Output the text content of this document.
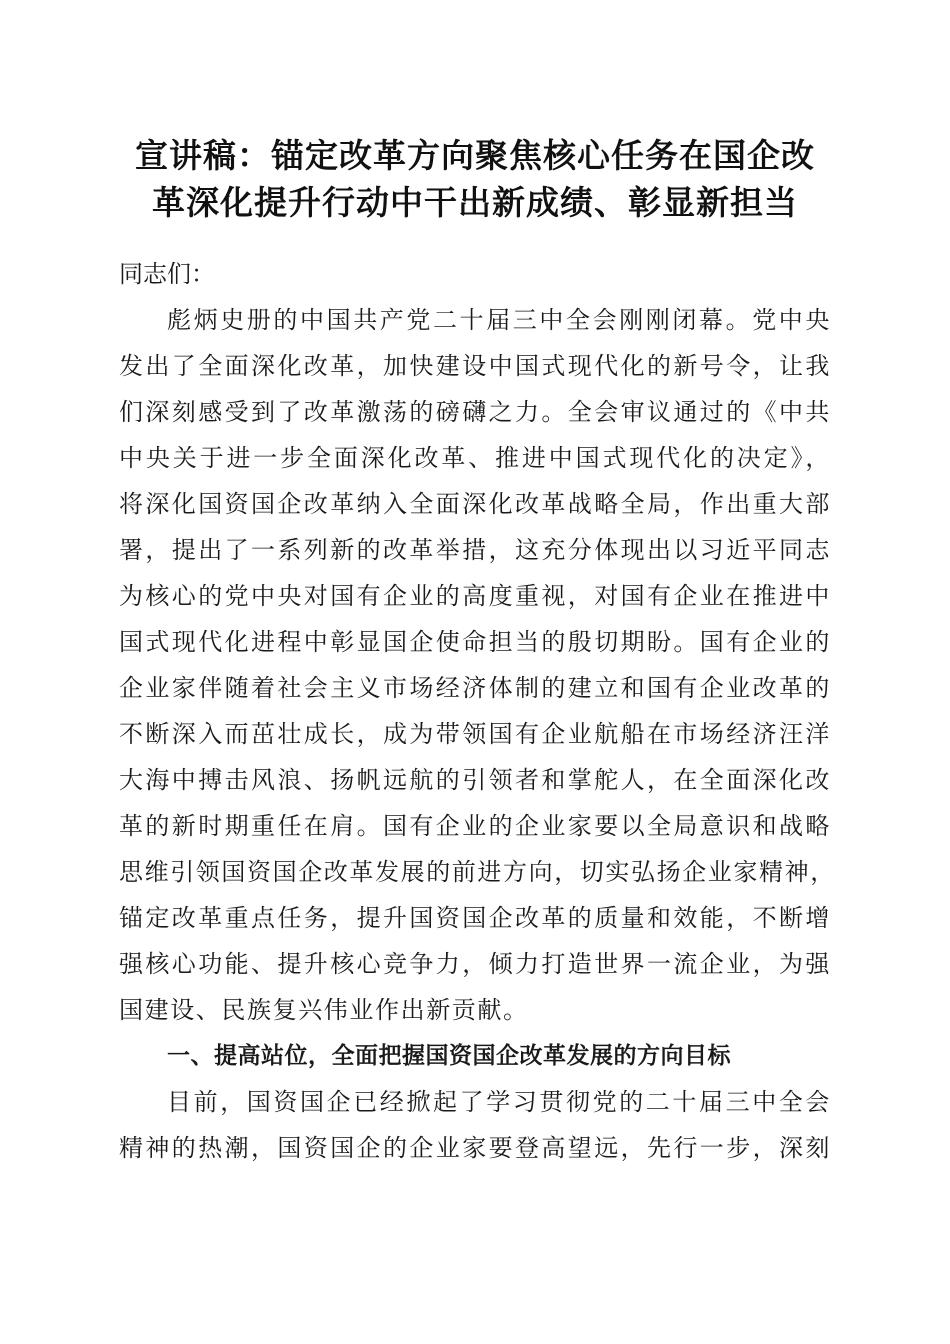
宣讲稿：锚定改革方向聚焦核心任务在国企改
革深化提升行动中干出新成绩、彰显新担当

同志们：

彪炳史册的中国共产党二十届三中全会刚刚闭幕。党中央
发出了全面深化改革，加快建设中国式现代化的新号令，让我
们深刻感受到了改革激荡的磅礴之力。全会审议通过的《中共
中央关于进一步全面深化改革、推进中国式现代化的决定》，
将深化国资国企改革纳入全面深化改革战略全局，作出重大部
署，提出了一系列新的改革举措，这充分体现出以习近平同志
为核心的党中央对国有企业的高度重视，对国有企业在推进中
国式现代化进程中彰显国企使命担当的殷切期盼。国有企业的
企业家伴随着社会主义市场经济体制的建立和国有企业改革的
不断深入而茁壮成长，成为带领国有企业航船在市场经济汪洋
大海中搏击风浪、扬帆远航的引领者和掌舵人，在全面深化改
革的新时期重任在肩。国有企业的企业家要以全局意识和战略
思维引领国资国企改革发展的前进方向，切实弘扬企业家精神，
锚定改革重点任务，提升国资国企改革的质量和效能，不断增
强核心功能、提升核心竞争力，倾力打造世界一流企业，为强
国建设、民族复兴伟业作出新贡献。

一、提高站位，全面把握国资国企改革发展的方向目标

目前，国资国企已经掀起了学习贯彻党的二十届三中全会
精神的热潮，国资国企的企业家要登高望远，先行一步，深刻
